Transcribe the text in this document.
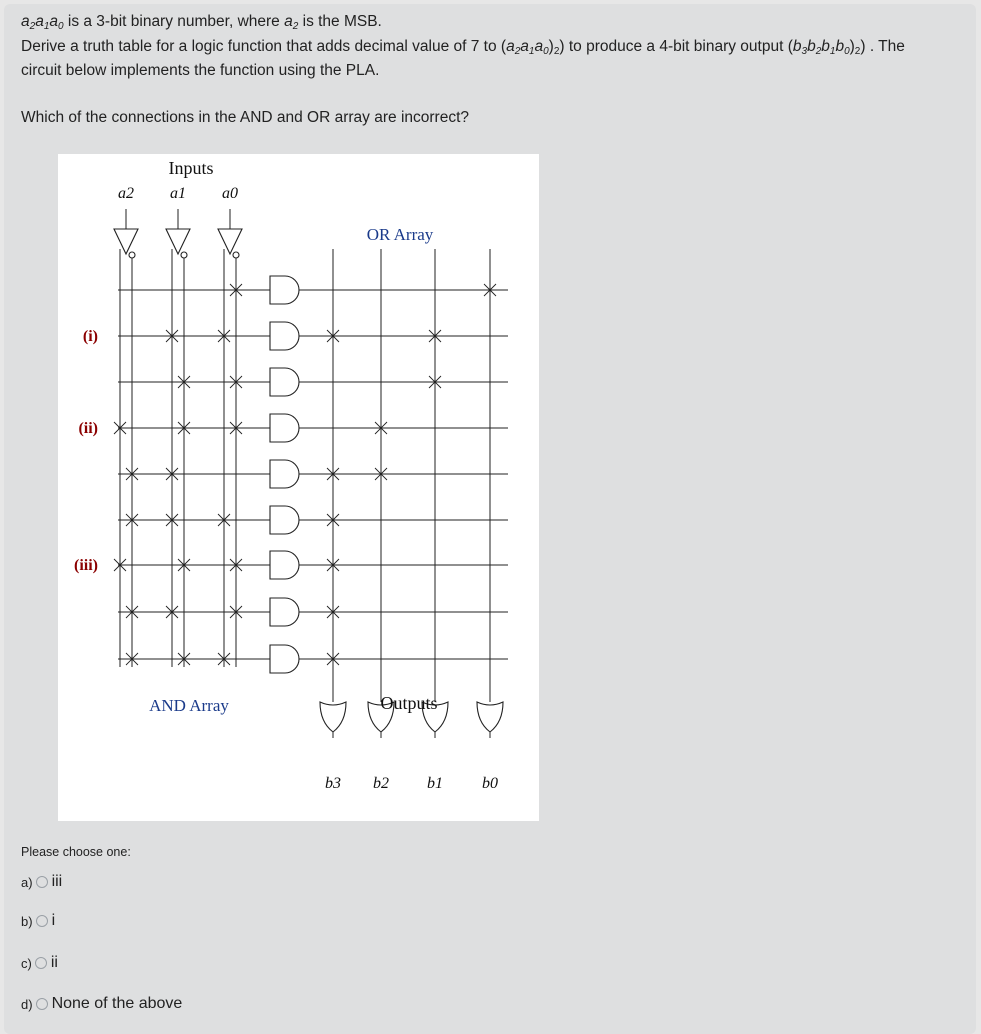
$a_2a_1a_0$ is a 3-bit binary number, where $a_2$ is the MSB.
Derive a truth table for a logic function that adds decimal value of 7 to $(a_2a_1a_0)_2$) to produce a 4-bit binary output $(b_3b_2b_1b_0)_2$) . The
circuit below implements the function using the PLA.
Which of the connections in the AND and OR array are incorrect?
Inputs
Outputs
OR Array
AND Array
a2 a1 a0
b3 b2 b1 b0
(i)
(ii)
(iii)
Please choose one:
a) iii
b) i
c) ii
d) None of the above
